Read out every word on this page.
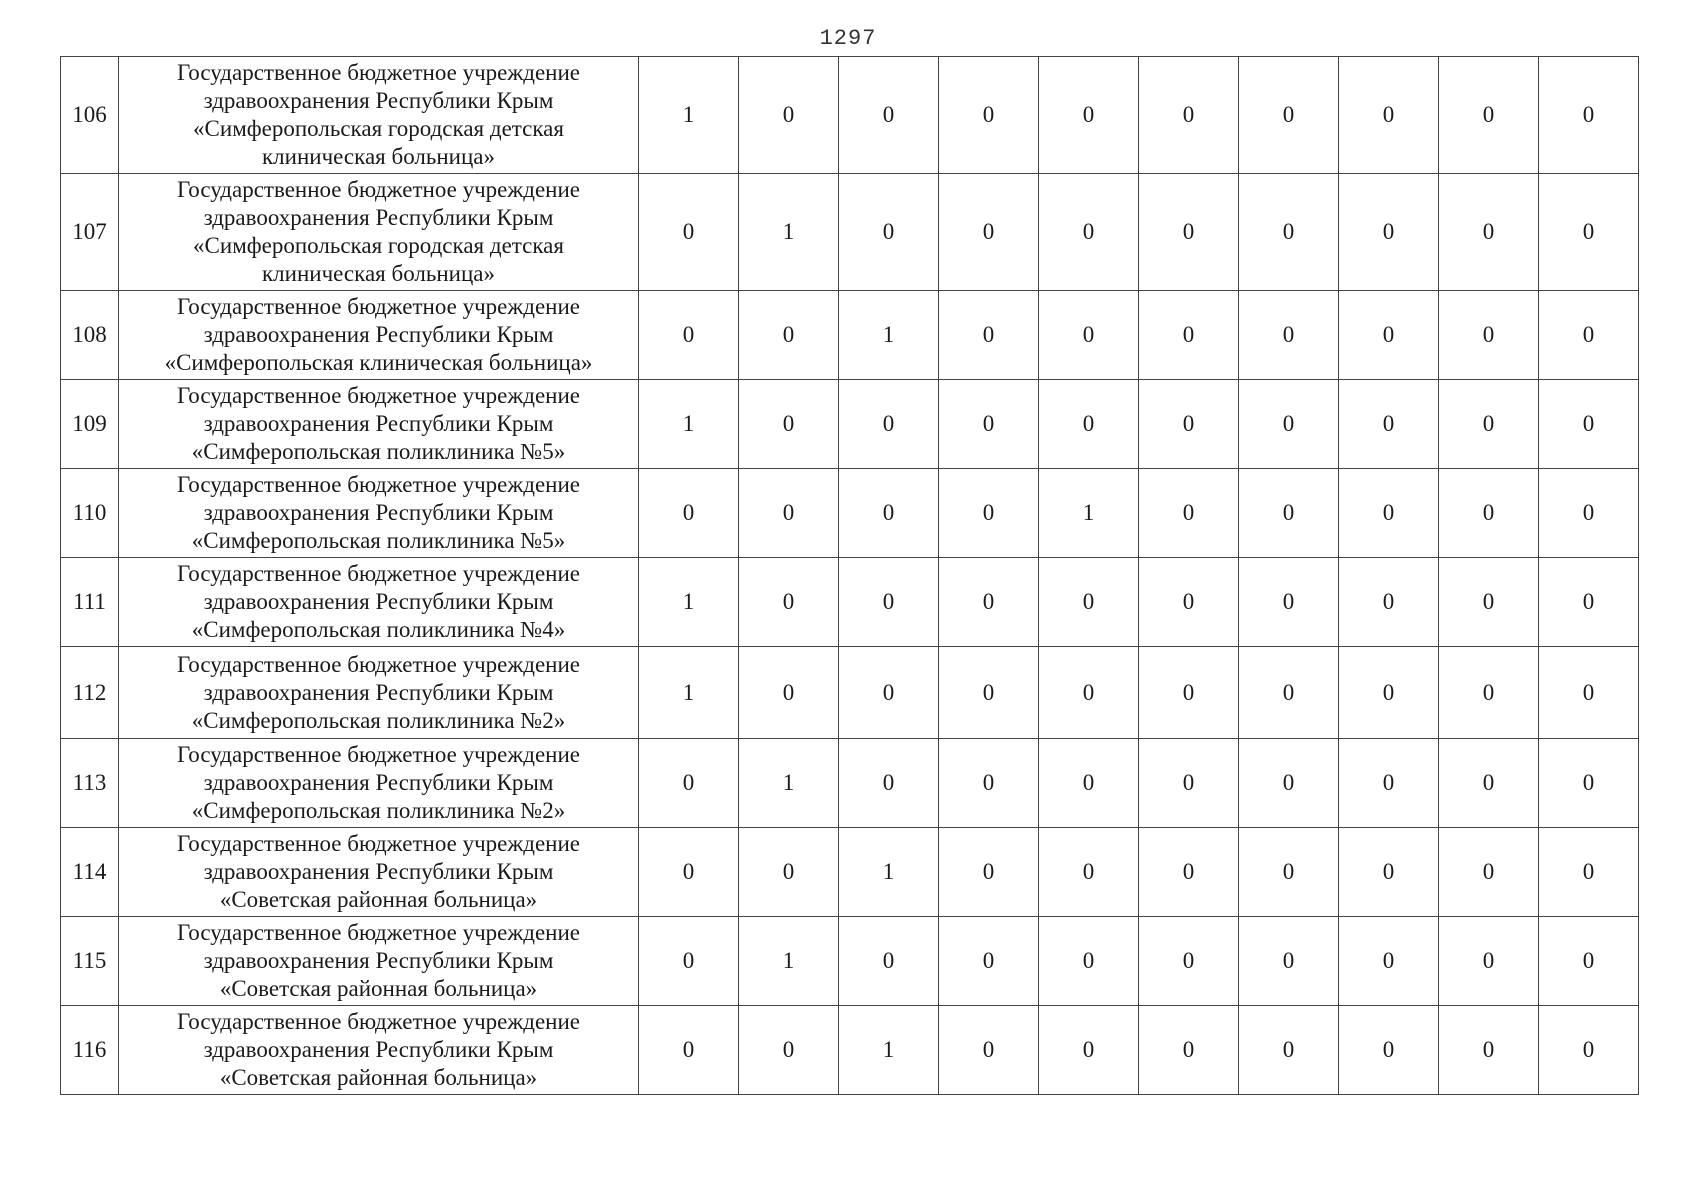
1297
106	Государственное бюджетное учреждение
здравоохранения Республики Крым
«Симферопольская городская детская
клиническая больница»	1	0	0	0	0	0	0	0	0	0
107	Государственное бюджетное учреждение
здравоохранения Республики Крым
«Симферопольская городская детская
клиническая больница»	0	1	0	0	0	0	0	0	0	0
108	Государственное бюджетное учреждение
здравоохранения Республики Крым
«Симферопольская клиническая больница»	0	0	1	0	0	0	0	0	0	0
109	Государственное бюджетное учреждение
здравоохранения Республики Крым
«Симферопольская поликлиника №5»	1	0	0	0	0	0	0	0	0	0
110	Государственное бюджетное учреждение
здравоохранения Республики Крым
«Симферопольская поликлиника №5»	0	0	0	0	1	0	0	0	0	0
111	Государственное бюджетное учреждение
здравоохранения Республики Крым
«Симферопольская поликлиника №4»	1	0	0	0	0	0	0	0	0	0
112	Государственное бюджетное учреждение
здравоохранения Республики Крым
«Симферопольская поликлиника №2»	1	0	0	0	0	0	0	0	0	0
113	Государственное бюджетное учреждение
здравоохранения Республики Крым
«Симферопольская поликлиника №2»	0	1	0	0	0	0	0	0	0	0
114	Государственное бюджетное учреждение
здравоохранения Республики Крым
«Советская районная больница»	0	0	1	0	0	0	0	0	0	0
115	Государственное бюджетное учреждение
здравоохранения Республики Крым
«Советская районная больница»	0	1	0	0	0	0	0	0	0	0
116	Государственное бюджетное учреждение
здравоохранения Республики Крым
«Советская районная больница»	0	0	1	0	0	0	0	0	0	0
